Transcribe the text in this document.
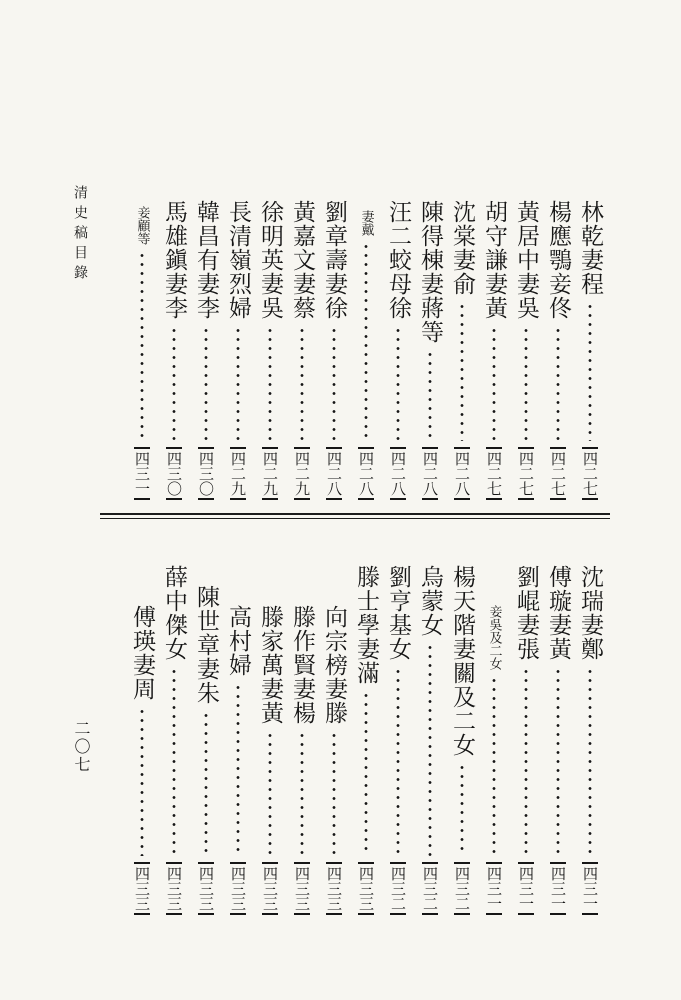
林乾妻程
四二七
楊應鶚妾佟
四二七
黃居中妻吳
四二七
胡守謙妻黃
四二七
沈棠妻俞
四二八
陳得棟妻蔣等
四二八
汪二蛟母徐
四二八
妻戴
四二八
劉章壽妻徐
四二八
黃嘉文妻蔡
四二九
徐明英妻吳
四二九
長清嶺烈婦
四二九
韓昌有妻李
四三〇
馬雄鎭妻李
四三〇
妾顧等
四三一
沈瑞妻鄭
四三一
傅璇妻黃
四三一
劉崐妻張
四三一
妾吳及二女
四三一
楊天階妻關及二女
四三二
烏蒙女
四三二
劉亨基女
四三二
滕士學妻滿
四三三
向宗榜妻滕
四三三
滕作賢妻楊
四三三
滕家萬妻黃
四三三
高村婦
四三三
陳世章妻朱
四三三
薛中傑女
四三三
傅瑛妻周
四三三
清史稿目錄
二〇七
